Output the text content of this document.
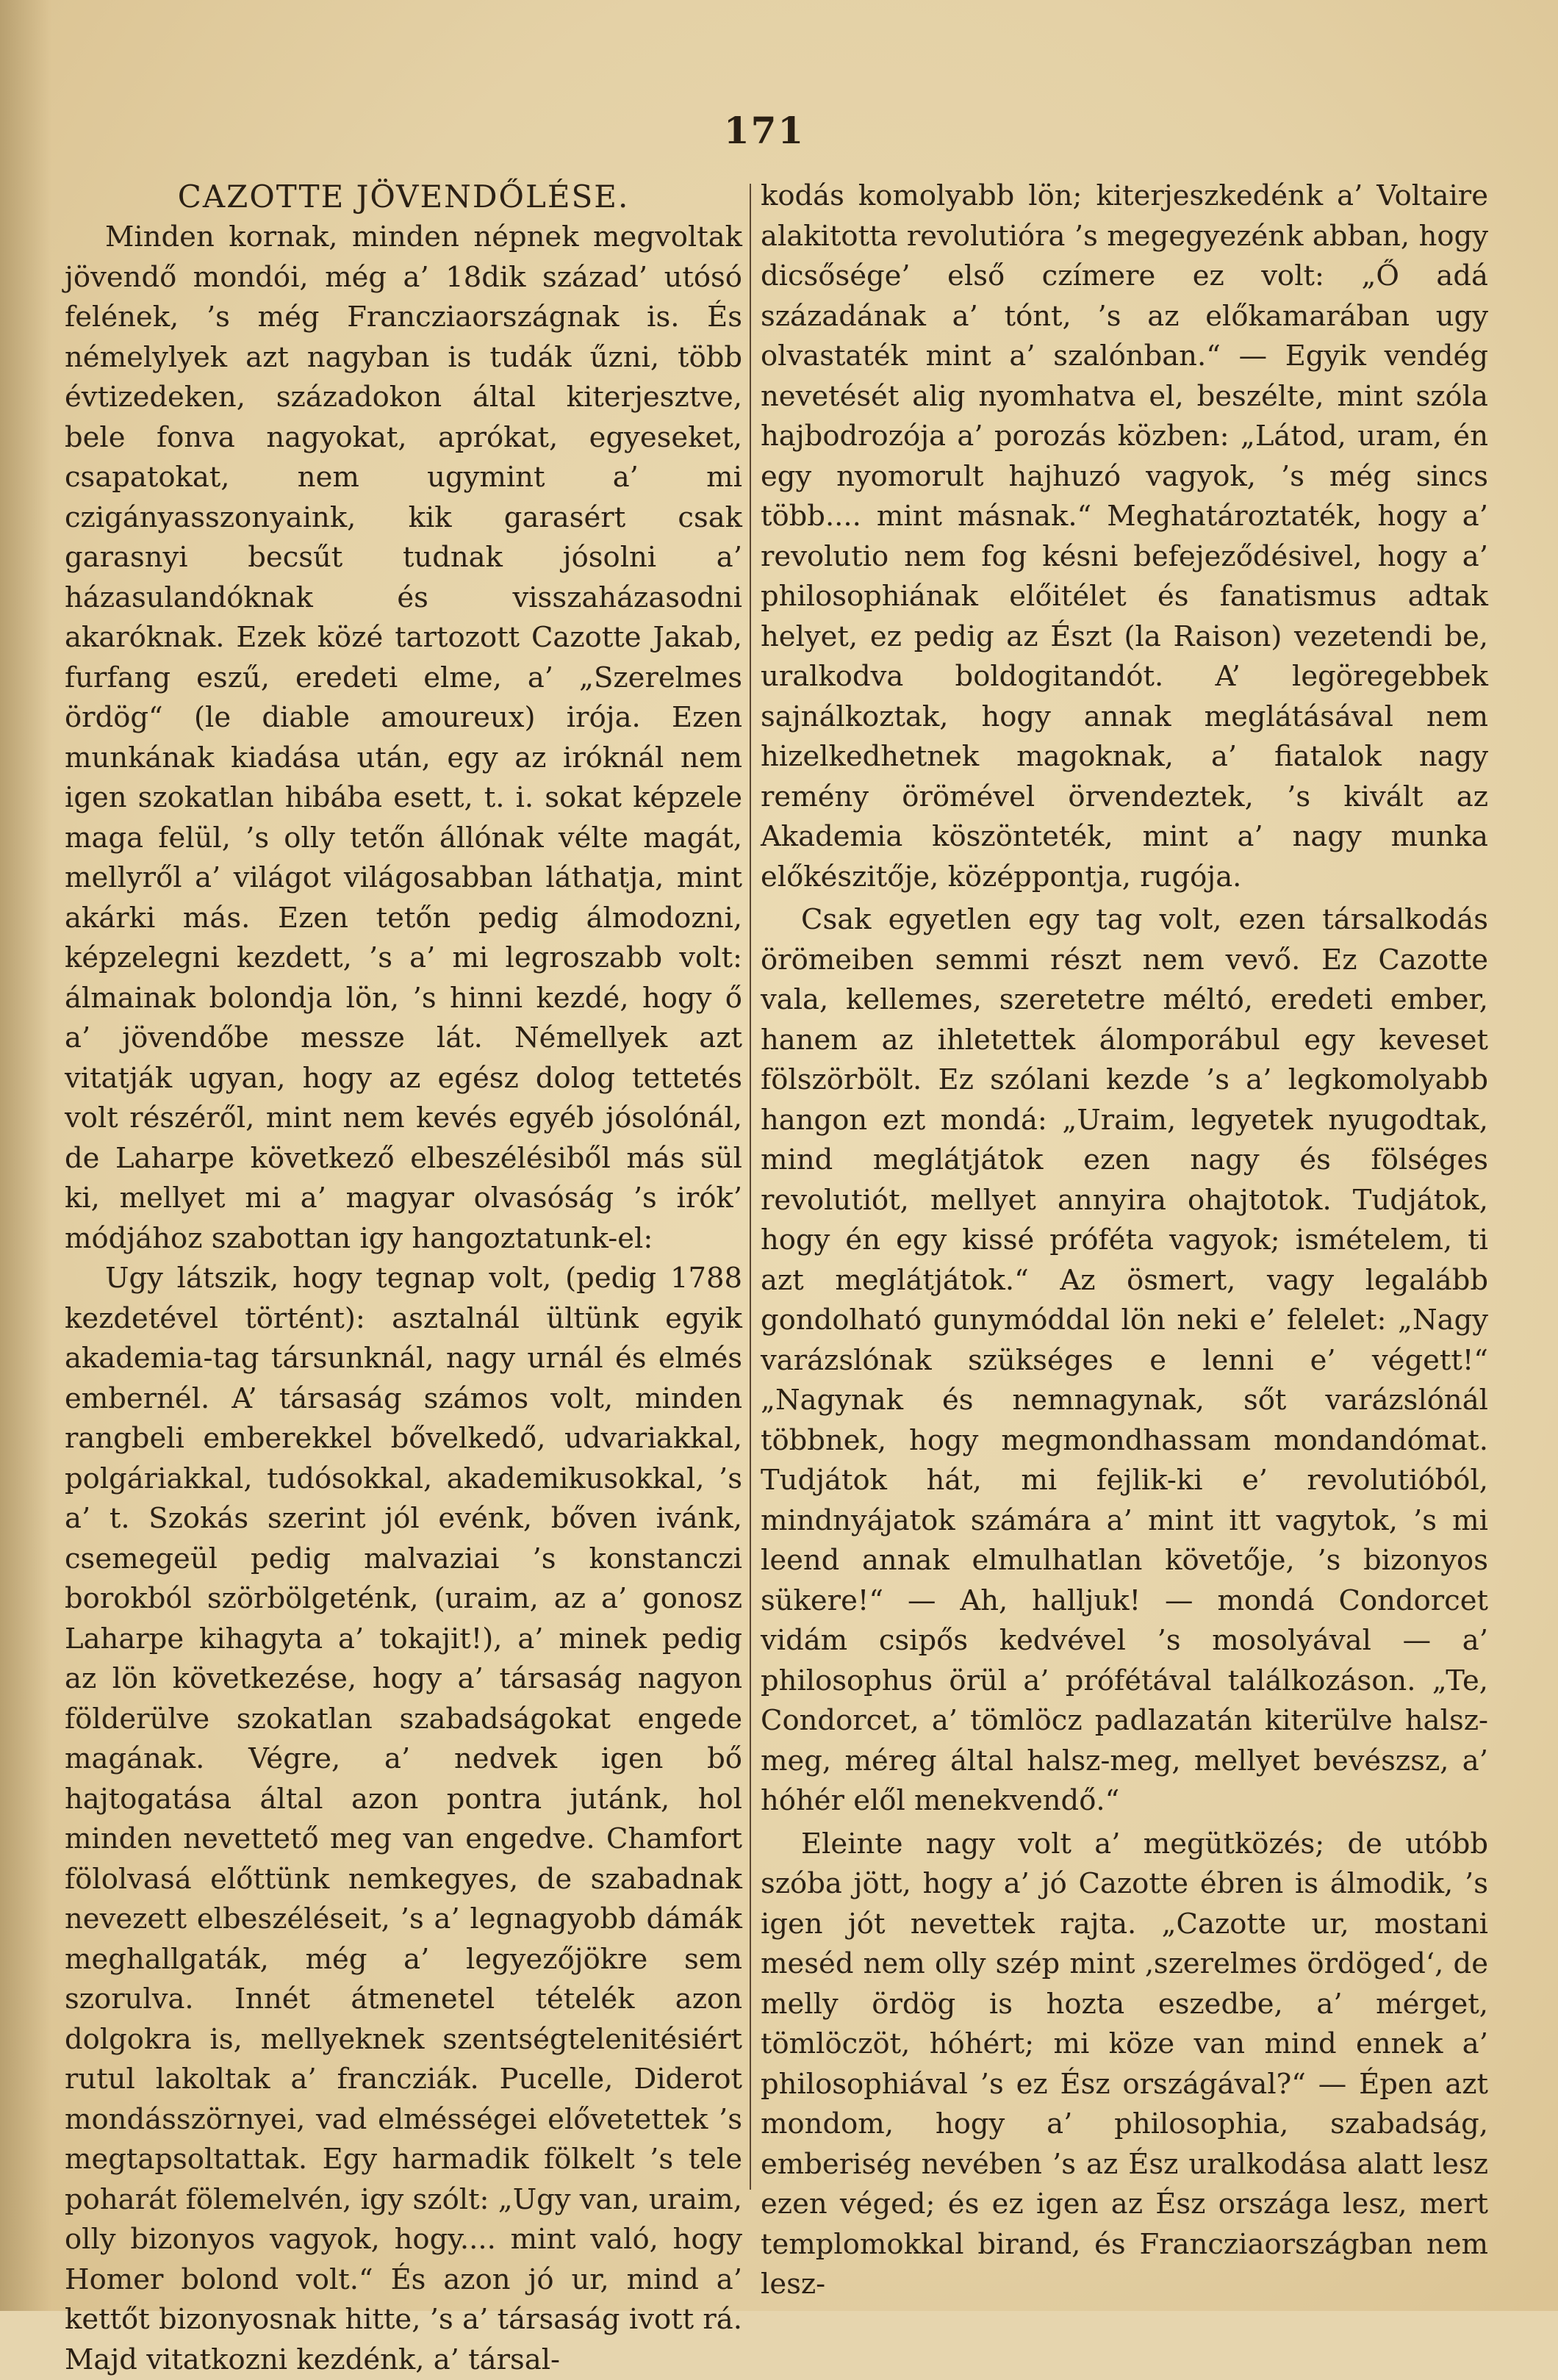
171
CAZOTTE JÖVENDŐLÉSE.

Minden kornak, minden népnek megvoltak jövendő mondói, még a’ 18dik század’ utósó felének, ’s még Francziaországnak is. És némelylyek azt nagyban is tudák űzni, több évtizedeken, századokon által kiterjesztve, bele fonva nagyokat, aprókat, egyeseket, csapatokat, nem ugymint a’ mi czigányasszonyaink, kik garasért csak garasnyi becsűt tudnak jósolni a’ házasulandóknak és visszaházasodni akaróknak. Ezek közé tartozott Cazotte Jakab, furfang eszű, eredeti elme, a’ „Szerelmes ördög“ (le diable amoureux) irója. Ezen munkának kiadása után, egy az iróknál nem igen szokatlan hibába esett, t. i. sokat képzele maga felül, ’s olly tetőn állónak vélte magát, mellyről a’ világot világosabban láthatja, mint akárki más. Ezen tetőn pedig álmodozni, képzelegni kezdett, ’s a’ mi legroszabb volt: álmainak bolondja lön, ’s hinni kezdé, hogy ő a’ jövendőbe messze lát. Némellyek azt vitatják ugyan, hogy az egész dolog tettetés volt részéről, mint nem kevés egyéb jósolónál, de Laharpe következő elbeszélésiből más sül ki, mellyet mi a’ magyar olvasóság ’s irók’ módjához szabottan igy hangoztatunk-el:

Ugy látszik, hogy tegnap volt, (pedig 1788 kezdetével történt): asztalnál ültünk egyik akademia-tag társunknál, nagy urnál és elmés embernél. A’ társaság számos volt, minden rangbeli emberekkel bővelkedő, udvariakkal, polgáriakkal, tudósokkal, akademikusokkal, ’s a’ t. Szokás szerint jól evénk, bőven ivánk, csemegeül pedig malvaziai ’s konstanczi borokból szörbölgeténk, (uraim, az a’ gonosz Laharpe kihagyta a’ tokajit!), a’ minek pedig az lön következése, hogy a’ társaság nagyon földerülve szokatlan szabadságokat engede magának. Végre, a’ nedvek igen bő hajtogatása által azon pontra jutánk, hol minden nevettető meg van engedve. Chamfort fölolvasá előttünk nemkegyes, de szabadnak nevezett elbeszéléseit, ’s a’ legnagyobb dámák meghallgaták, még a’ legyezőjökre sem szorulva. Innét átmenetel tételék azon dolgokra is, mellyeknek szentségtelenitésiért rutul lakoltak a’ francziák. Pucelle, Diderot mondásszörnyei, vad elmésségei elővetettek ’s megtapsoltattak. Egy harmadik fölkelt ’s tele poharát fölemelvén, igy szólt: „Ugy van, uraim, olly bizonyos vagyok, hogy.... mint való, hogy Homer bolond volt.“ És azon jó ur, mind a’ kettőt bizonyosnak hitte, ’s a’ társaság ivott rá. Majd vitatkozni kezdénk, a’ társal-

kodás komolyabb lön; kiterjeszkedénk a’ Voltaire alakitotta revolutióra ’s megegyezénk abban, hogy dicsősége’ első czímere ez volt: „Ő adá századának a’ tónt, ’s az előkamarában ugy olvastaték mint a’ szalónban.“ — Egyik vendég nevetését alig nyomhatva el, beszélte, mint szóla hajbodrozója a’ porozás közben: „Látod, uram, én egy nyomorult hajhuzó vagyok, ’s még sincs több.... mint másnak.“ Meghatároztaték, hogy a’ revolutio nem fog késni befejeződésivel, hogy a’ philosophiának előitélet és fanatismus adtak helyet, ez pedig az Észt (la Raison) vezetendi be, uralkodva boldogitandót. A’ legöregebbek sajnálkoztak, hogy annak meglátásával nem hizelkedhetnek magoknak, a’ fiatalok nagy remény örömével örvendeztek, ’s kivált az Akademia köszönteték, mint a’ nagy munka előkészitője, középpontja, rugója.

Csak egyetlen egy tag volt, ezen társalkodás örömeiben semmi részt nem vevő. Ez Cazotte vala, kellemes, szeretetre méltó, eredeti ember, hanem az ihletettek álomporábul egy keveset fölszörbölt. Ez szólani kezde ’s a’ legkomolyabb hangon ezt mondá: „Uraim, legyetek nyugodtak, mind meglátjátok ezen nagy és fölséges revolutiót, mellyet annyira ohajtotok. Tudjátok, hogy én egy kissé próféta vagyok; ismételem, ti azt meglátjátok.“ Az ösmert, vagy legalább gondolható gunymóddal lön neki e’ felelet: „Nagy varázslónak szükséges e lenni e’ végett!“ „Nagynak és nemnagynak, sőt varázslónál többnek, hogy megmondhassam mondandómat. Tudjátok hát, mi fejlik-ki e’ revolutióból, mindnyájatok számára a’ mint itt vagytok, ’s mi leend annak elmulhatlan követője, ’s bizonyos sükere!“ — Ah, halljuk! — mondá Condorcet vidám csipős kedvével ’s mosolyával — a’ philosophus örül a’ prófétával találkozáson. „Te, Condorcet, a’ tömlöcz padlazatán kiterülve halsz-meg, méreg által halsz-meg, mellyet bevészsz, a’ hóhér elől menekvendő.“

Eleinte nagy volt a’ megütközés; de utóbb szóba jött, hogy a’ jó Cazotte ébren is álmodik, ’s igen jót nevettek rajta. „Cazotte ur, mostani meséd nem olly szép mint ‚szerelmes ördöged‘, de melly ördög is hozta eszedbe, a’ mérget, tömlöczöt, hóhért; mi köze van mind ennek a’ philosophiával ’s ez Ész országával?“ — Épen azt mondom, hogy a’ philosophia, szabadság, emberiség nevében ’s az Ész uralkodása alatt lesz ezen véged; és ez igen az Ész országa lesz, mert templomokkal birand, és Francziaországban nem lesz-
